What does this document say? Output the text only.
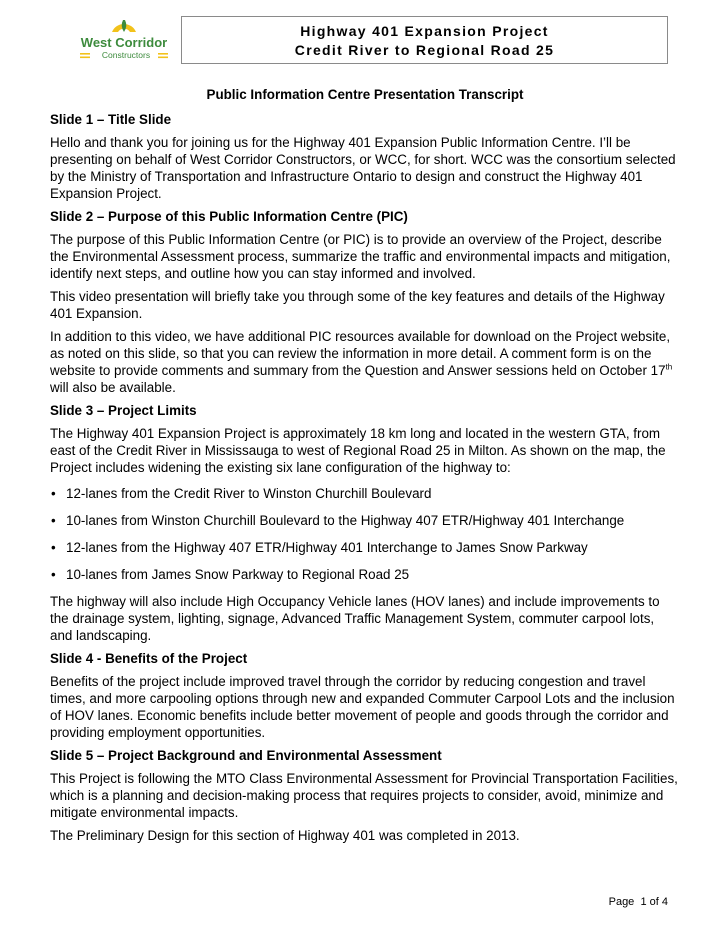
West Corridor
Constructors
Highway 401 Expansion Project
Credit River to Regional Road 25

Public Information Centre Presentation Transcript

Slide 1 – Title Slide

Hello and thank you for joining us for the Highway 401 Expansion Public Information Centre. I’ll be presenting on behalf of West Corridor Constructors, or WCC, for short. WCC was the consortium selected by the Ministry of Transportation and Infrastructure Ontario to design and construct the Highway 401 Expansion Project.

Slide 2 – Purpose of this Public Information Centre (PIC)

The purpose of this Public Information Centre (or PIC) is to provide an overview of the Project, describe the Environmental Assessment process, summarize the traffic and environmental impacts and mitigation, identify next steps, and outline how you can stay informed and involved.

This video presentation will briefly take you through some of the key features and details of the Highway 401 Expansion.

In addition to this video, we have additional PIC resources available for download on the Project website, as noted on this slide, so that you can review the information in more detail. A comment form is on the website to provide comments and summary from the Question and Answer sessions held on October 17th will also be available.

Slide 3 – Project Limits

The Highway 401 Expansion Project is approximately 18 km long and located in the western GTA, from east of the Credit River in Mississauga to west of Regional Road 25 in Milton. As shown on the map, the Project includes widening the existing six lane configuration of the highway to:

• 12-lanes from the Credit River to Winston Churchill Boulevard
• 10-lanes from Winston Churchill Boulevard to the Highway 407 ETR/Highway 401 Interchange
• 12-lanes from the Highway 407 ETR/Highway 401 Interchange to James Snow Parkway
• 10-lanes from James Snow Parkway to Regional Road 25

The highway will also include High Occupancy Vehicle lanes (HOV lanes) and include improvements to the drainage system, lighting, signage, Advanced Traffic Management System, commuter carpool lots, and landscaping.

Slide 4 - Benefits of the Project

Benefits of the project include improved travel through the corridor by reducing congestion and travel times, and more carpooling options through new and expanded Commuter Carpool Lots and the inclusion of HOV lanes. Economic benefits include better movement of people and goods through the corridor and providing employment opportunities.

Slide 5 – Project Background and Environmental Assessment

This Project is following the MTO Class Environmental Assessment for Provincial Transportation Facilities, which is a planning and decision-making process that requires projects to consider, avoid, minimize and mitigate environmental impacts.

The Preliminary Design for this section of Highway 401 was completed in 2013.

Page 1 of 4
